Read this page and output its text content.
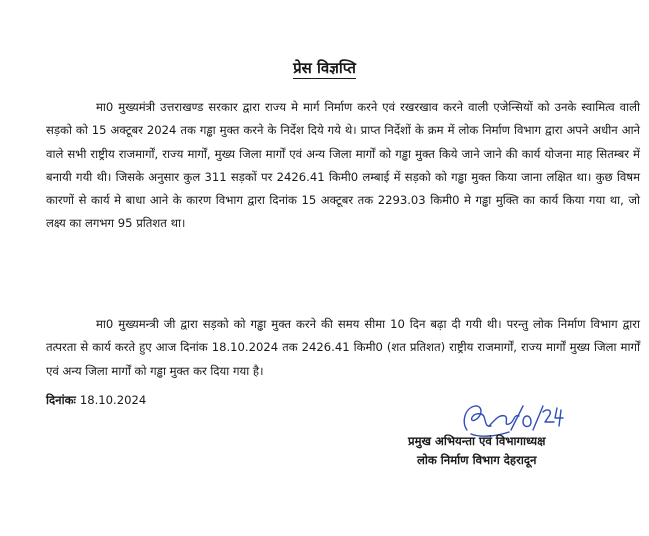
प्रेस विज्ञप्ति

मा0 मुख्यमंत्री उत्तराखण्ड सरकार द्वारा राज्य मे मार्ग निर्माण करने एवं रखरखाव करने वाली एजेन्सियों को उनके स्वामित्व वाली सड़को को 15 अक्टूबर 2024 तक गड्ढा मुक्त करने के निर्देश दिये गये थे। प्राप्त निर्देशों के क्रम में लोक निर्माण विभाग द्वारा अपने अधीन आने वाले सभी राष्ट्रीय राजमार्गों, राज्य मार्गों, मुख्य जिला मार्गों एवं अन्य जिला मार्गों को गड्ढा मुक्त किये जाने जाने की कार्य योजना माह सितम्बर में बनायी गयी थी। जिसके अनुसार कुल 311 सड़कों पर 2426.41 किमी0 लम्बाई में सड़को को गड्ढा मुक्त किया जाना लक्षित था। कुछ विषम कारणों से कार्य मे बाधा आने के कारण विभाग द्वारा दिनांक 15 अक्टूबर तक 2293.03 किमी0 मे गड्ढा मुक्ति का कार्य किया गया था, जो लक्ष्य का लगभग 95 प्रतिशत था।

मा0 मुख्यमन्त्री जी द्वारा सड़को को गड्ढा मुक्त करने की समय सीमा 10 दिन बढ़ा दी गयी थी। परन्तु लोक निर्माण विभाग द्वारा तत्परता से कार्य करते हुए आज दिनांक 18.10.2024 तक 2426.41 किमी0 (शत प्रतिशत) राष्ट्रीय राजमार्गों, राज्य मार्गों मुख्य जिला मार्गों एवं अन्य जिला मार्गों को गड्ढा मुक्त कर दिया गया है।

दिनांकः 18.10.2024
प्रमुख अभियन्ता एवं विभागाध्यक्ष
लोक निर्माण विभाग देहरादून
